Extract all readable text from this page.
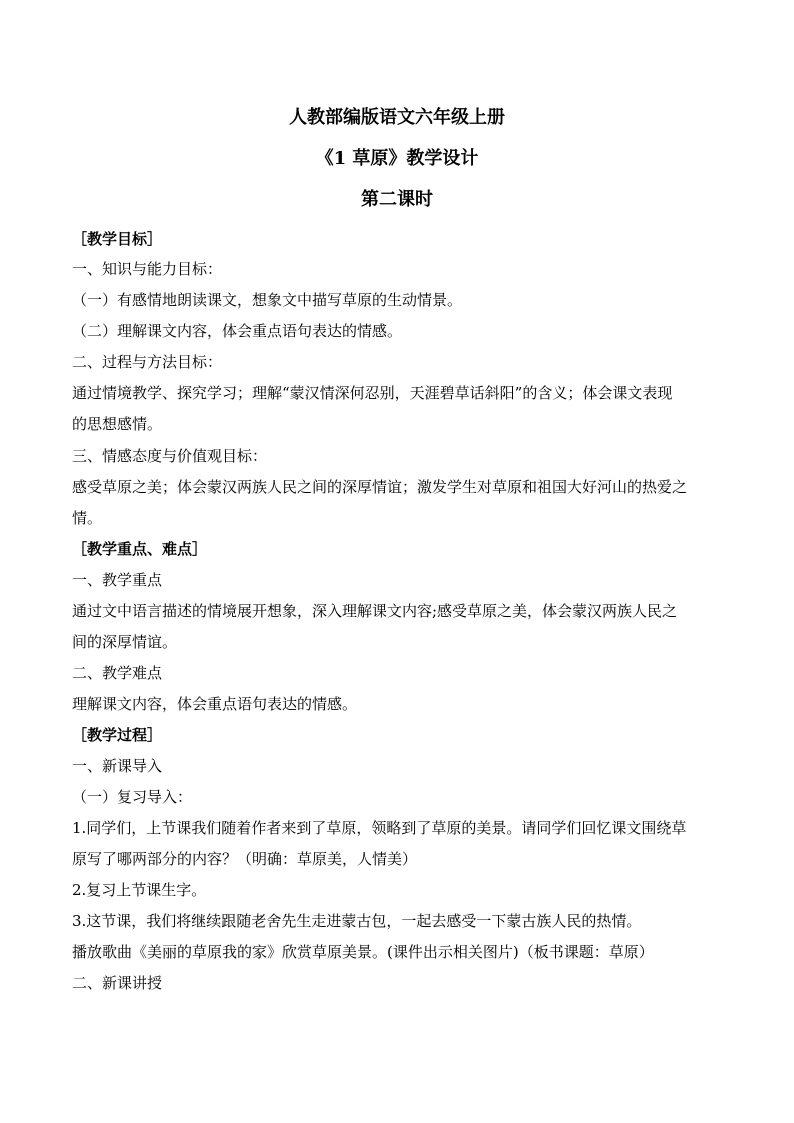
人教部编版语文六年级上册
《1 草原》教学设计
第二课时
［教学目标］
一、知识与能力目标：
（一）有感情地朗读课文，想象文中描写草原的生动情景。
（二）理解课文内容，体会重点语句表达的情感。
二、过程与方法目标：
通过情境教学、探究学习；理解“蒙汉情深何忍别，天涯碧草话斜阳”的含义；体会课文表现
的思想感情。
三、情感态度与价值观目标：
感受草原之美；体会蒙汉两族人民之间的深厚情谊；激发学生对草原和祖国大好河山的热爱之
情。
［教学重点、难点］
一、教学重点
通过文中语言描述的情境展开想象，深入理解课文内容;感受草原之美，体会蒙汉两族人民之
间的深厚情谊。
二、教学难点
理解课文内容，体会重点语句表达的情感。
［教学过程］
一、新课导入
（一）复习导入：
1.同学们，上节课我们随着作者来到了草原，领略到了草原的美景。请同学们回忆课文围绕草
原写了哪两部分的内容？（明确：草原美，人情美）
2.复习上节课生字。
3.这节课，我们将继续跟随老舍先生走进蒙古包，一起去感受一下蒙古族人民的热情。
播放歌曲《美丽的草原我的家》欣赏草原美景。(课件出示相关图片)（板书课题：草原）
二、新课讲授
